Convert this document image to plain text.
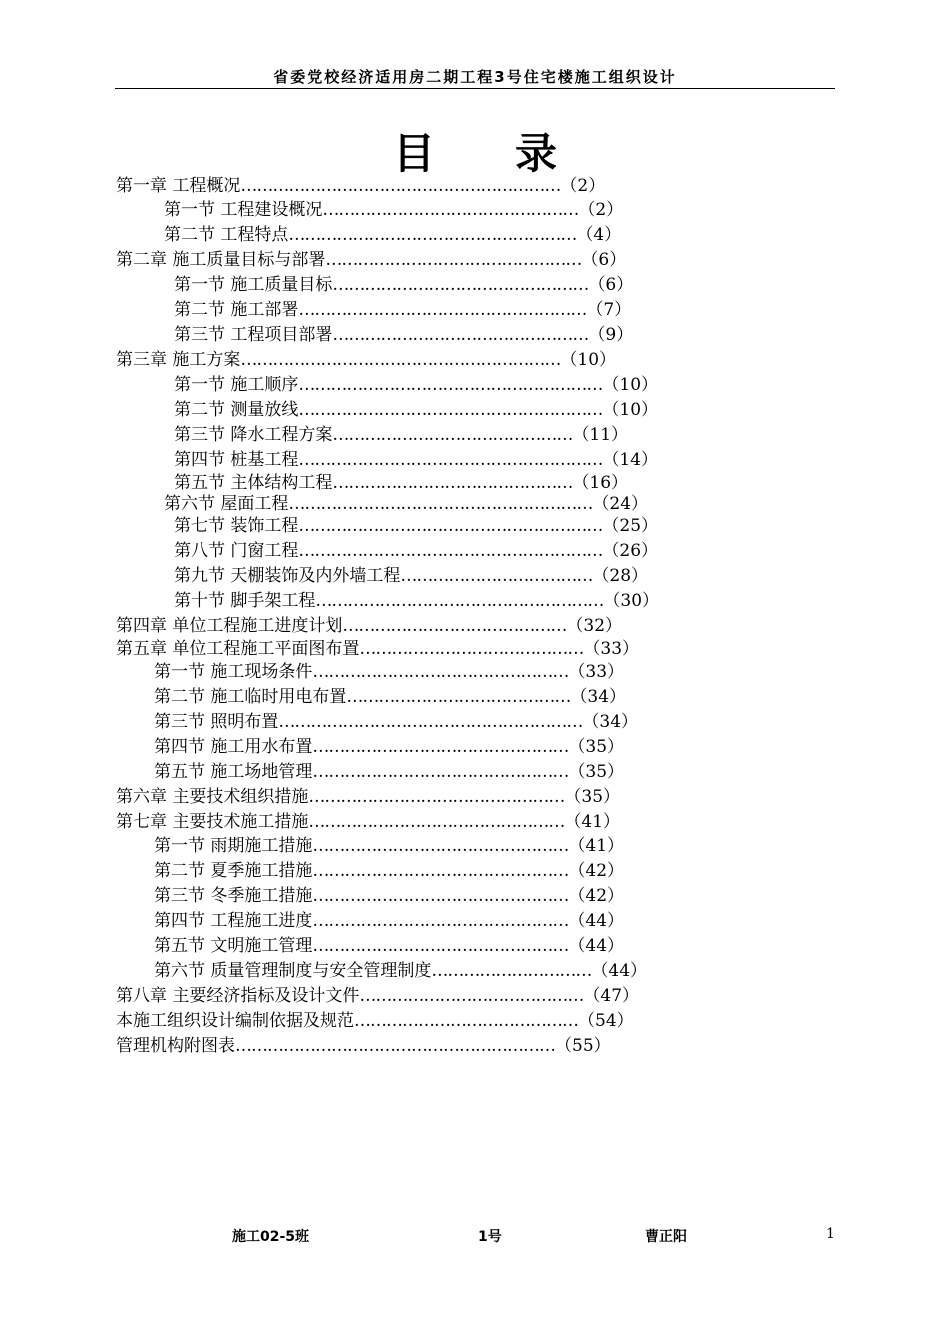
省委党校经济适用房二期工程3号住宅楼施工组织设计
目 录
第一章 工程概况……………………………………………………（2）
第一节 工程建设概况…………………………………………（2）
第二节 工程特点………………………………………………（4）
第二章 施工质量目标与部署…………………………………………（6）
第一节 施工质量目标…………………………………………（6）
第二节 施工部署………………………………………………（7）
第三节 工程项目部署…………………………………………（9）
第三章 施工方案……………………………………………………（10）
第一节 施工顺序…………………………………………………（10）
第二节 测量放线…………………………………………………（10）
第三节 降水工程方案………………………………………（11）
第四节 桩基工程…………………………………………………（14）
第五节 主体结构工程………………………………………（16）
第六节 屋面工程…………………………………………………（24）
第七节 装饰工程…………………………………………………（25）
第八节 门窗工程…………………………………………………（26）
第九节 天棚装饰及内外墙工程………………………………（28）
第十节 脚手架工程………………………………………………（30）
第四章 单位工程施工进度计划……………………………………（32）
第五章 单位工程施工平面图布置……………………………………（33）
第一节 施工现场条件…………………………………………（33）
第二节 施工临时用电布置……………………………………（34）
第三节 照明布置…………………………………………………（34）
第四节 施工用水布置…………………………………………（35）
第五节 施工场地管理…………………………………………（35）
第六章 主要技术组织措施…………………………………………（35）
第七章 主要技术施工措施…………………………………………（41）
第一节 雨期施工措施…………………………………………（41）
第二节 夏季施工措施…………………………………………（42）
第三节 冬季施工措施…………………………………………（42）
第四节 工程施工进度…………………………………………（44）
第五节 文明施工管理…………………………………………（44）
第六节 质量管理制度与安全管理制度…………………………（44）
第八章 主要经济指标及设计文件……………………………………（47）
本施工组织设计编制依据及规范……………………………………（54）
管理机构附图表……………………………………………………（55）
施工02-5班	1号	曹正阳	1
